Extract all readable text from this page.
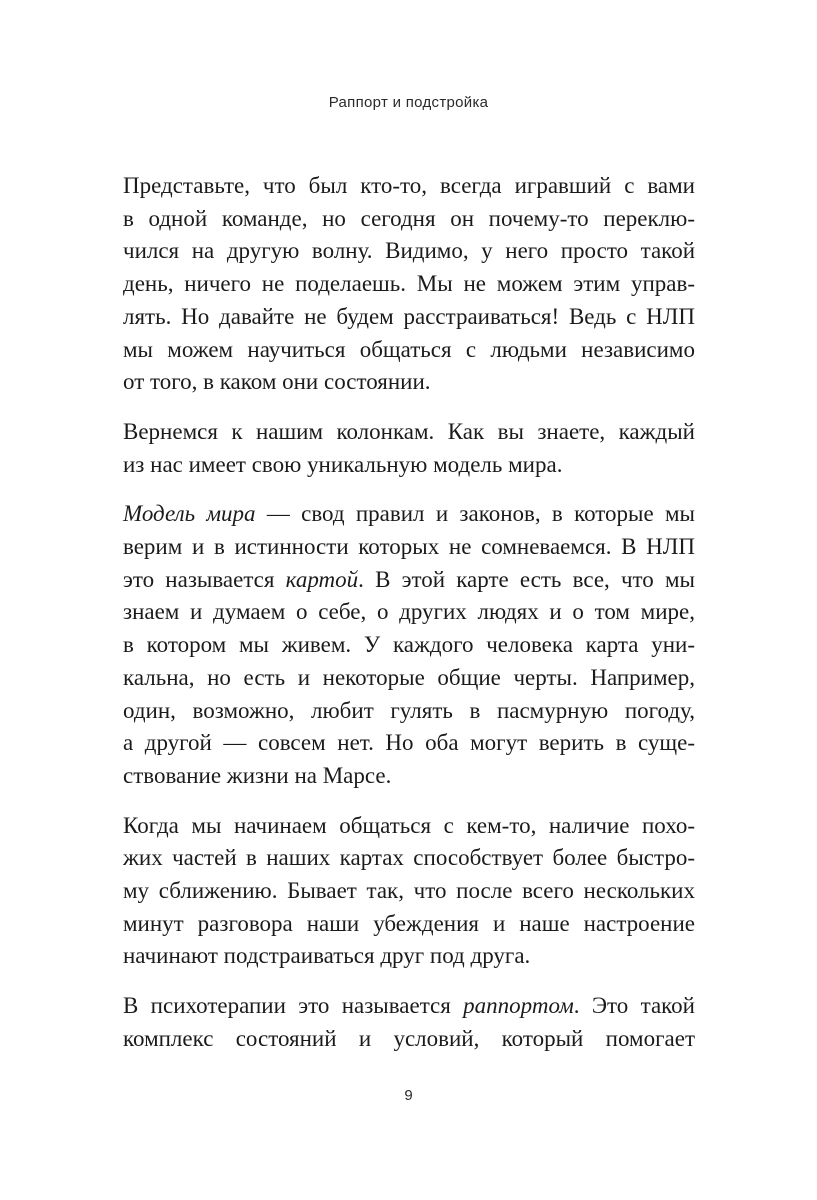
Раппорт и подстройка

Представьте, что был кто-то, всегда игравший с вами
в одной команде, но сегодня он почему-то переклю-
чился на другую волну. Видимо, у него просто такой
день, ничего не поделаешь. Мы не можем этим управ-
лять. Но давайте не будем расстраиваться! Ведь с НЛП
мы можем научиться общаться с людьми независимо
от того, в каком они состоянии.

Вернемся к нашим колонкам. Как вы знаете, каждый
из нас имеет свою уникальную модель мира.

Модель мира — свод правил и законов, в которые мы
верим и в истинности которых не сомневаемся. В НЛП
это называется картой. В этой карте есть все, что мы
знаем и думаем о себе, о других людях и о том мире,
в котором мы живем. У каждого человека карта уни-
кальна, но есть и некоторые общие черты. Например,
один, возможно, любит гулять в пасмурную погоду,
а другой — совсем нет. Но оба могут верить в суще-
ствование жизни на Марсе.

Когда мы начинаем общаться с кем-то, наличие похо-
жих частей в наших картах способствует более быстро-
му сближению. Бывает так, что после всего нескольких
минут разговора наши убеждения и наше настроение
начинают подстраиваться друг под друга.

В психотерапии это называется раппортом. Это такой
комплекс состояний и условий, который помогает

9
